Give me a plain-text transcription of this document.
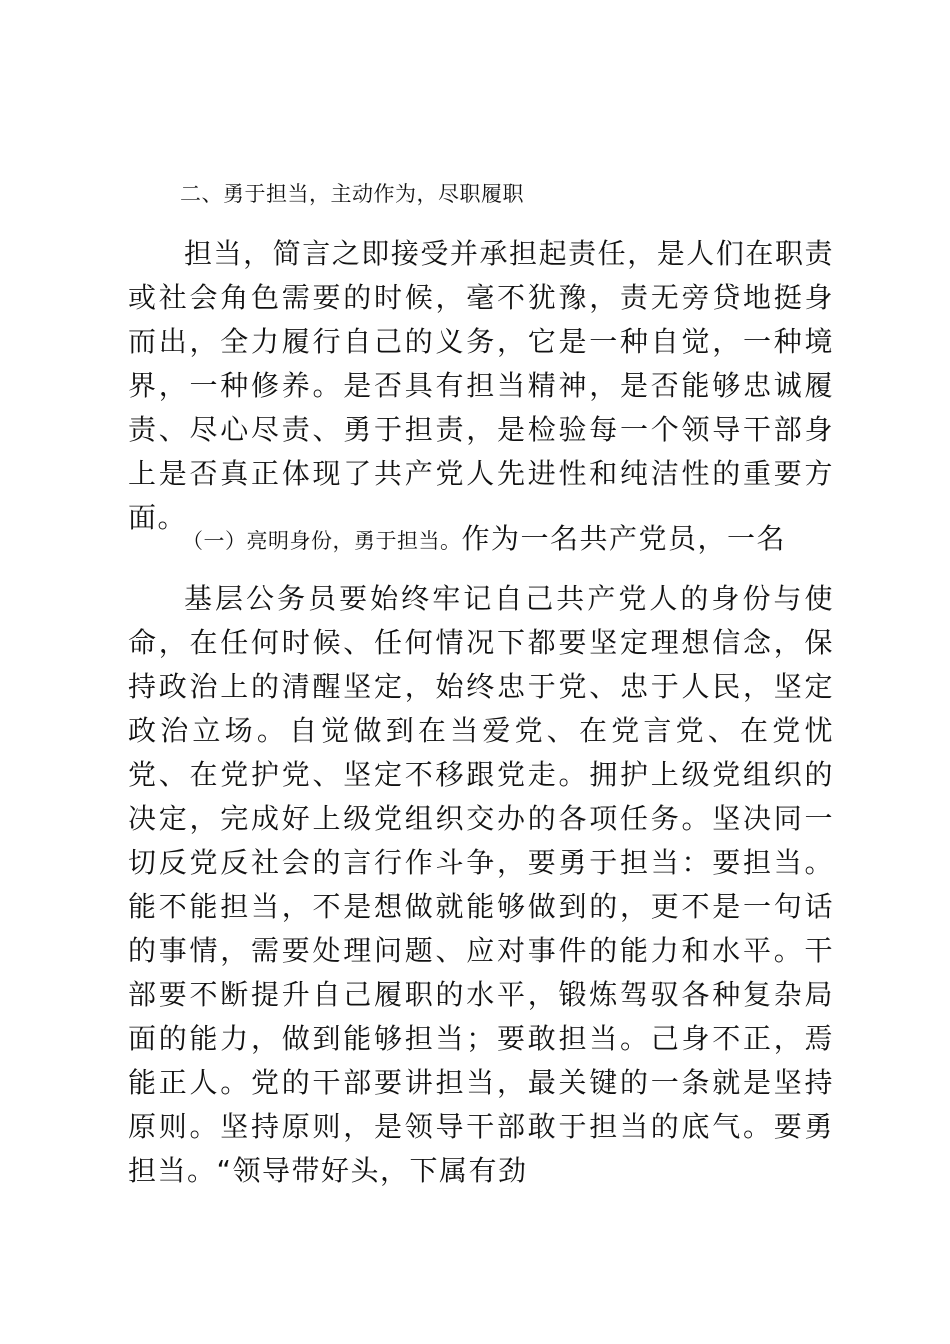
二、勇于担当，主动作为，尽职履职

担当，简言之即接受并承担起责任，是人们在职责或社会角色需要的时候，毫不犹豫，责无旁贷地挺身而出，全力履行自己的义务，它是一种自觉，一种境界，一种修养。是否具有担当精神，是否能够忠诚履责、尽心尽责、勇于担责，是检验每一个领导干部身上是否真正体现了共产党人先进性和纯洁性的重要方面。

（一）亮明身份，勇于担当。作为一名共产党员，一名

基层公务员要始终牢记自己共产党人的身份与使命，在任何时候、任何情况下都要坚定理想信念，保持政治上的清醒坚定，始终忠于党、忠于人民，坚定政治立场。自觉做到在当爱党、在党言党、在党忧党、在党护党、坚定不移跟党走。拥护上级党组织的决定，完成好上级党组织交办的各项任务。坚决同一切反党反社会的言行作斗争，要勇于担当：要担当。能不能担当，不是想做就能够做到的，更不是一句话的事情，需要处理问题、应对事件的能力和水平。干部要不断提升自己履职的水平，锻炼驾驭各种复杂局面的能力，做到能够担当；要敢担当。己身不正，焉能正人。党的干部要讲担当，最关键的一条就是坚持原则。坚持原则，是领导干部敢于担当的底气。要勇担当。“领导带好头，下属有劲
